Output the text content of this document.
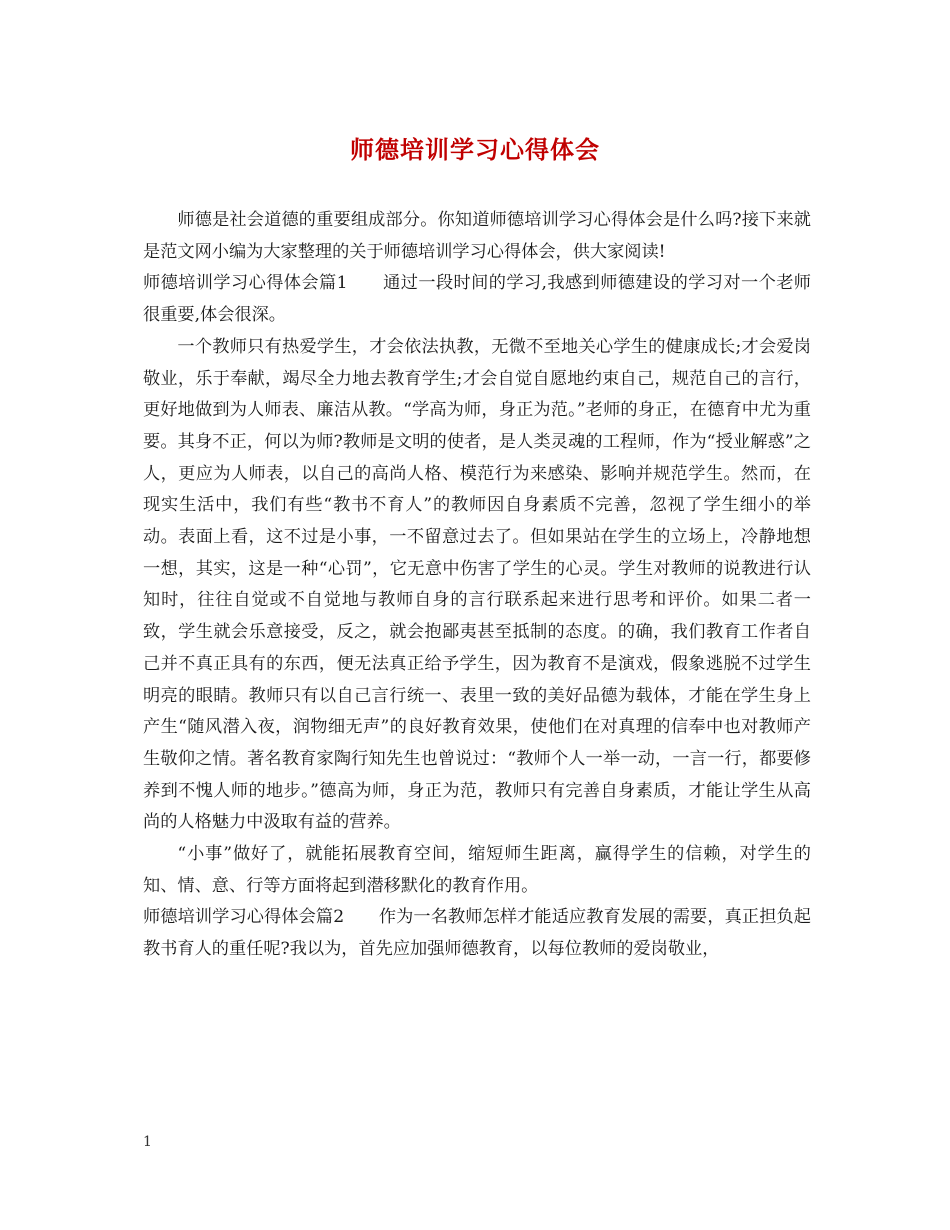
师德培训学习心得体会

师德是社会道德的重要组成部分。你知道师德培训学习心得体会是什么吗?接下来就是范文网小编为大家整理的关于师德培训学习心得体会，供大家阅读!

师德培训学习心得体会篇1　　通过一段时间的学习,我感到师德建设的学习对一个老师很重要,体会很深。

一个教师只有热爱学生，才会依法执教，无微不至地关心学生的健康成长;才会爱岗敬业，乐于奉献，竭尽全力地去教育学生;才会自觉自愿地约束自己，规范自己的言行，更好地做到为人师表、廉洁从教。“学高为师，身正为范。”老师的身正，在德育中尤为重要。其身不正，何以为师?教师是文明的使者，是人类灵魂的工程师，作为“授业解惑”之人，更应为人师表，以自己的高尚人格、模范行为来感染、影响并规范学生。然而，在现实生活中，我们有些“教书不育人”的教师因自身素质不完善，忽视了学生细小的举动。表面上看，这不过是小事，一不留意过去了。但如果站在学生的立场上，冷静地想一想，其实，这是一种“心罚”，它无意中伤害了学生的心灵。学生对教师的说教进行认知时，往往自觉或不自觉地与教师自身的言行联系起来进行思考和评价。如果二者一致，学生就会乐意接受，反之，就会抱鄙夷甚至抵制的态度。的确，我们教育工作者自己并不真正具有的东西，便无法真正给予学生，因为教育不是演戏，假象逃脱不过学生明亮的眼睛。教师只有以自己言行统一、表里一致的美好品德为载体，才能在学生身上产生“随风潜入夜，润物细无声”的良好教育效果，使他们在对真理的信奉中也对教师产生敬仰之情。著名教育家陶行知先生也曾说过：“教师个人一举一动，一言一行，都要修养到不愧人师的地步。”德高为师，身正为范，教师只有完善自身素质，才能让学生从高尚的人格魅力中汲取有益的营养。

“小事”做好了，就能拓展教育空间，缩短师生距离，赢得学生的信赖，对学生的知、情、意、行等方面将起到潜移默化的教育作用。

师德培训学习心得体会篇2　　作为一名教师怎样才能适应教育发展的需要，真正担负起教书育人的重任呢?我以为，首先应加强师德教育，以每位教师的爱岗敬业，

1
